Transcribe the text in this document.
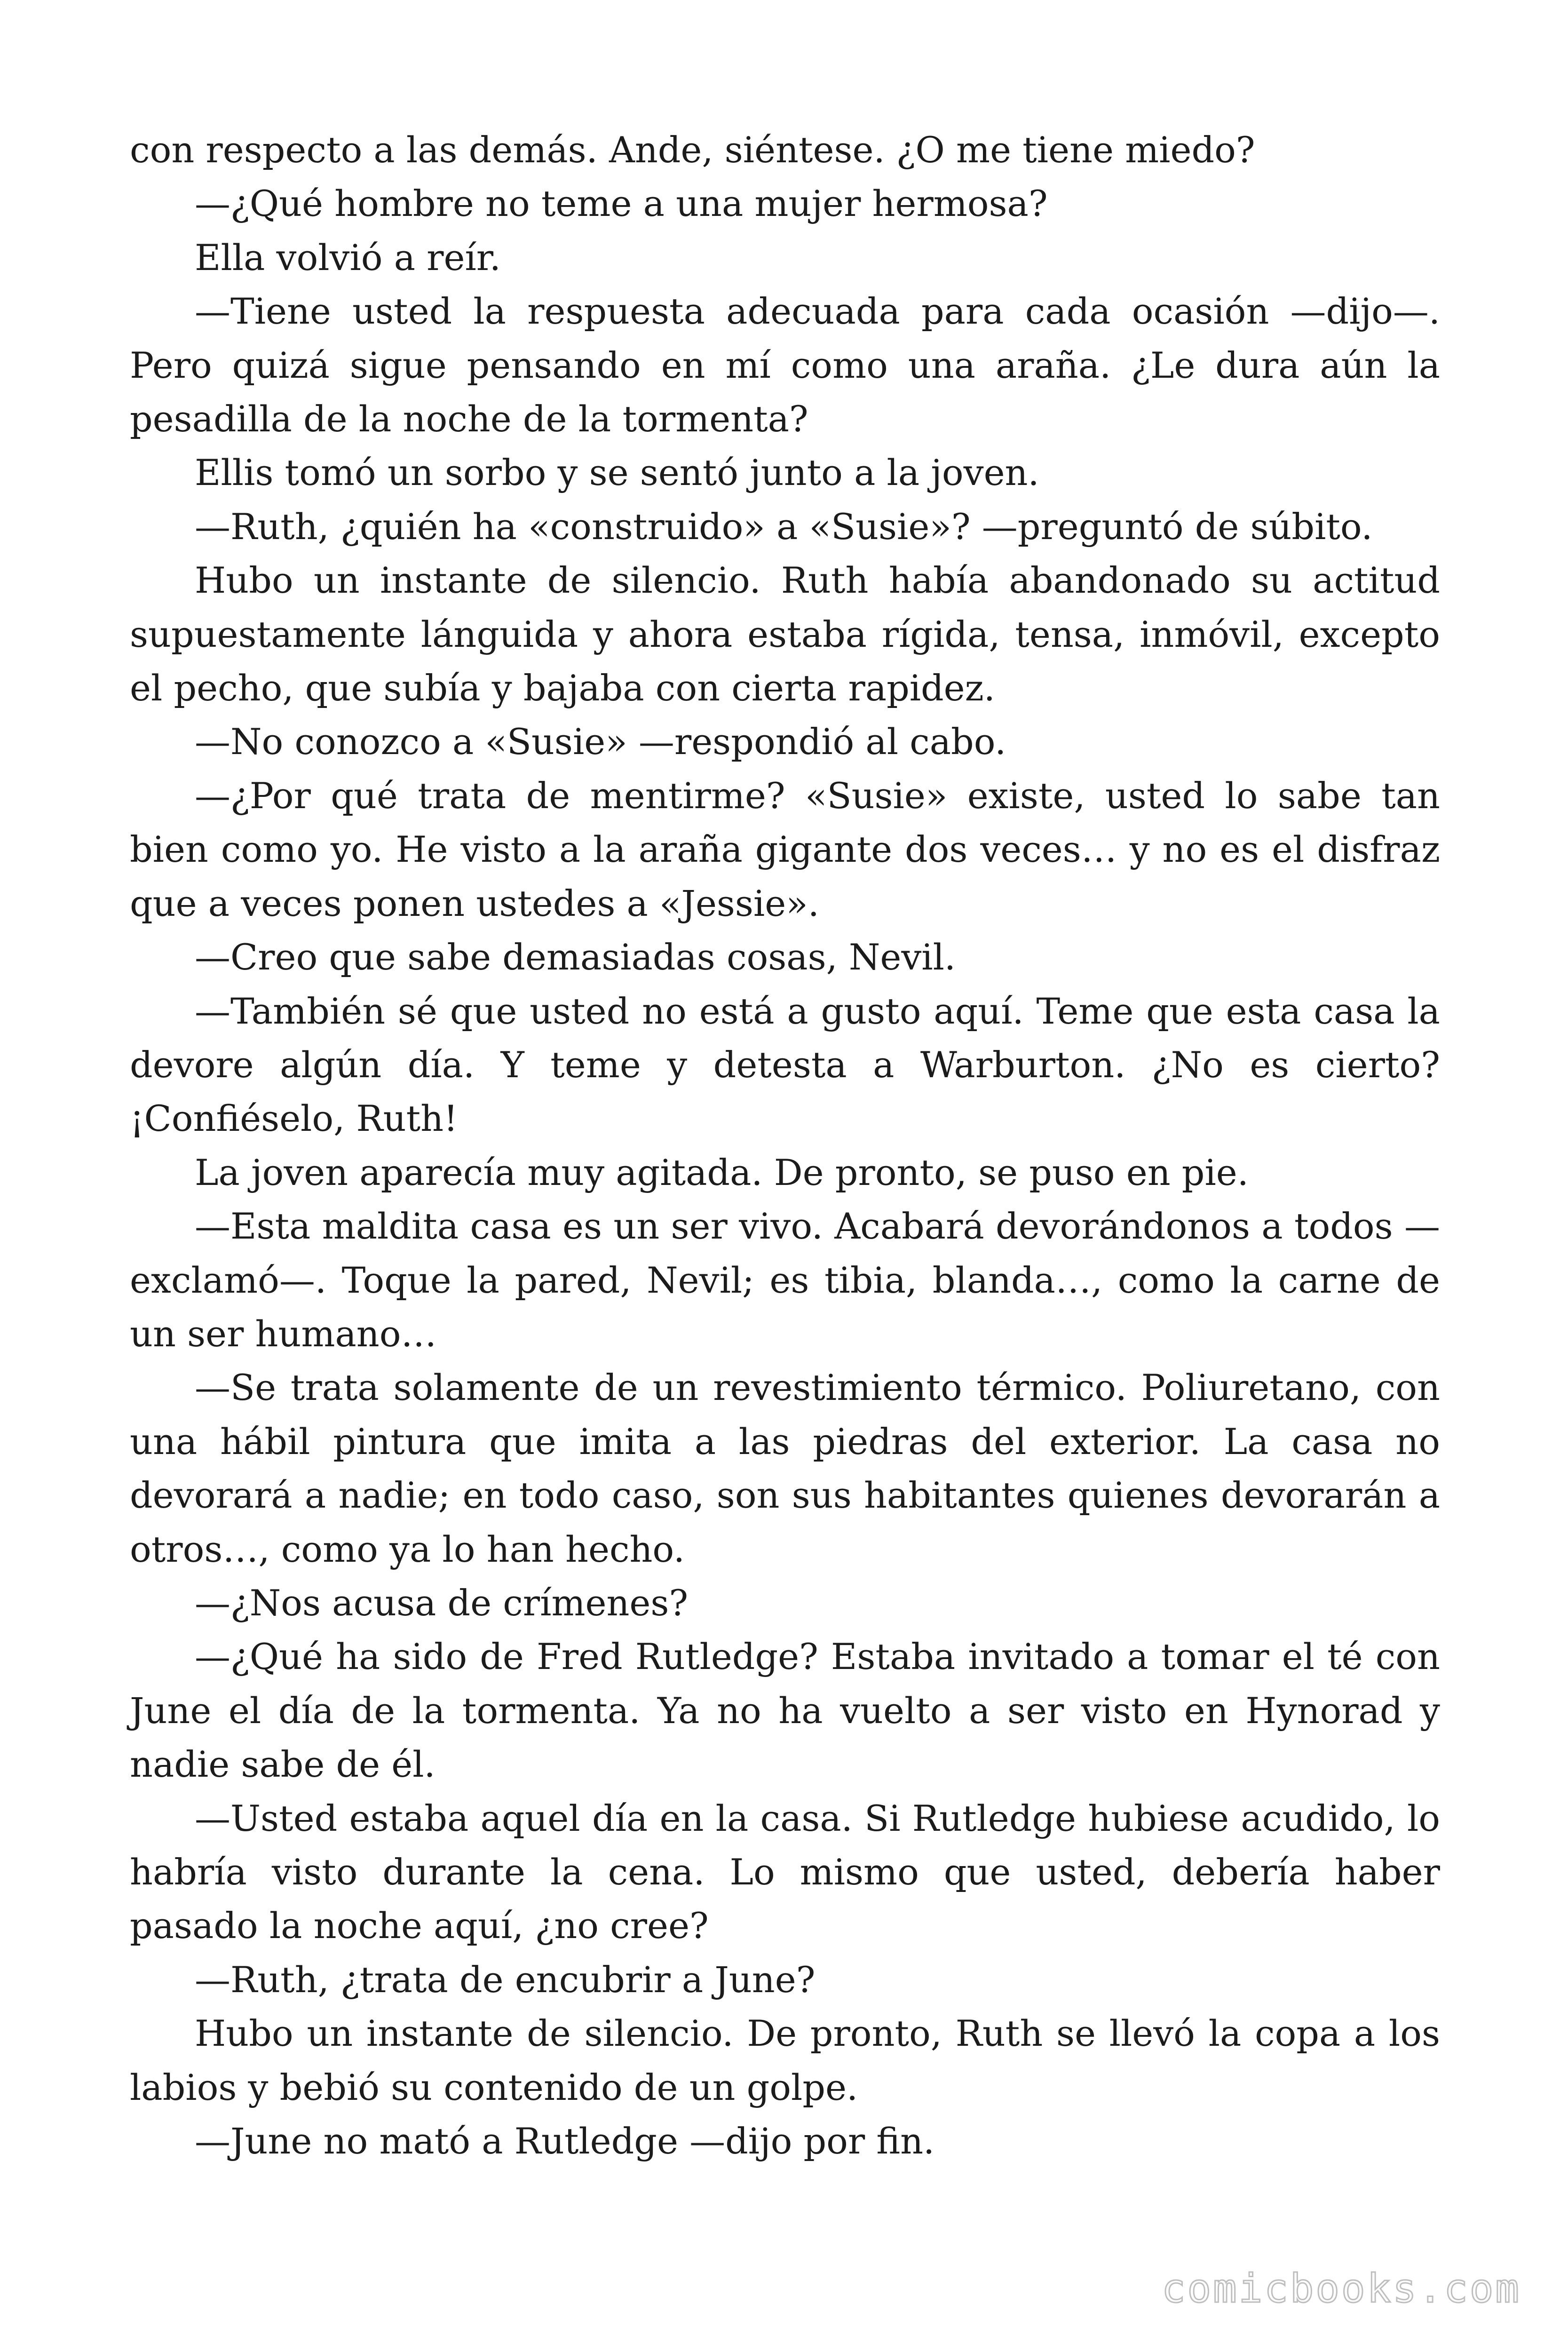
con respecto a las demás. Ande, siéntese. ¿O me tiene miedo?

—¿Qué hombre no teme a una mujer hermosa?

Ella volvió a reír.

—Tiene usted la respuesta adecuada para cada ocasión —dijo—. Pero quizá sigue pensando en mí como una araña. ¿Le dura aún la pesadilla de la noche de la tormenta?

Ellis tomó un sorbo y se sentó junto a la joven.

—Ruth, ¿quién ha «construido» a «Susie»? —preguntó de súbito.

Hubo un instante de silencio. Ruth había abandonado su actitud supuestamente lánguida y ahora estaba rígida, tensa, inmóvil, excepto el pecho, que subía y bajaba con cierta rapidez.

—No conozco a «Susie» —respondió al cabo.

—¿Por qué trata de mentirme? «Susie» existe, usted lo sabe tan bien como yo. He visto a la araña gigante dos veces… y no es el disfraz que a veces ponen ustedes a «Jessie».

—Creo que sabe demasiadas cosas, Nevil.

—También sé que usted no está a gusto aquí. Teme que esta casa la devore algún día. Y teme y detesta a Warburton. ¿No es cierto? ¡Confiéselo, Ruth!

La joven aparecía muy agitada. De pronto, se puso en pie.

—Esta maldita casa es un ser vivo. Acabará devorándonos a todos —exclamó—. Toque la pared, Nevil; es tibia, blanda…, como la carne de un ser humano…

—Se trata solamente de un revestimiento térmico. Poliuretano, con una hábil pintura que imita a las piedras del exterior. La casa no devorará a nadie; en todo caso, son sus habitantes quienes devorarán a otros…, como ya lo han hecho.

—¿Nos acusa de crímenes?

—¿Qué ha sido de Fred Rutledge? Estaba invitado a tomar el té con June el día de la tormenta. Ya no ha vuelto a ser visto en Hynorad y nadie sabe de él.

—Usted estaba aquel día en la casa. Si Rutledge hubiese acudido, lo habría visto durante la cena. Lo mismo que usted, debería haber pasado la noche aquí, ¿no cree?

—Ruth, ¿trata de encubrir a June?

Hubo un instante de silencio. De pronto, Ruth se llevó la copa a los labios y bebió su contenido de un golpe.

—June no mató a Rutledge —dijo por fin.

comicbooks.com
